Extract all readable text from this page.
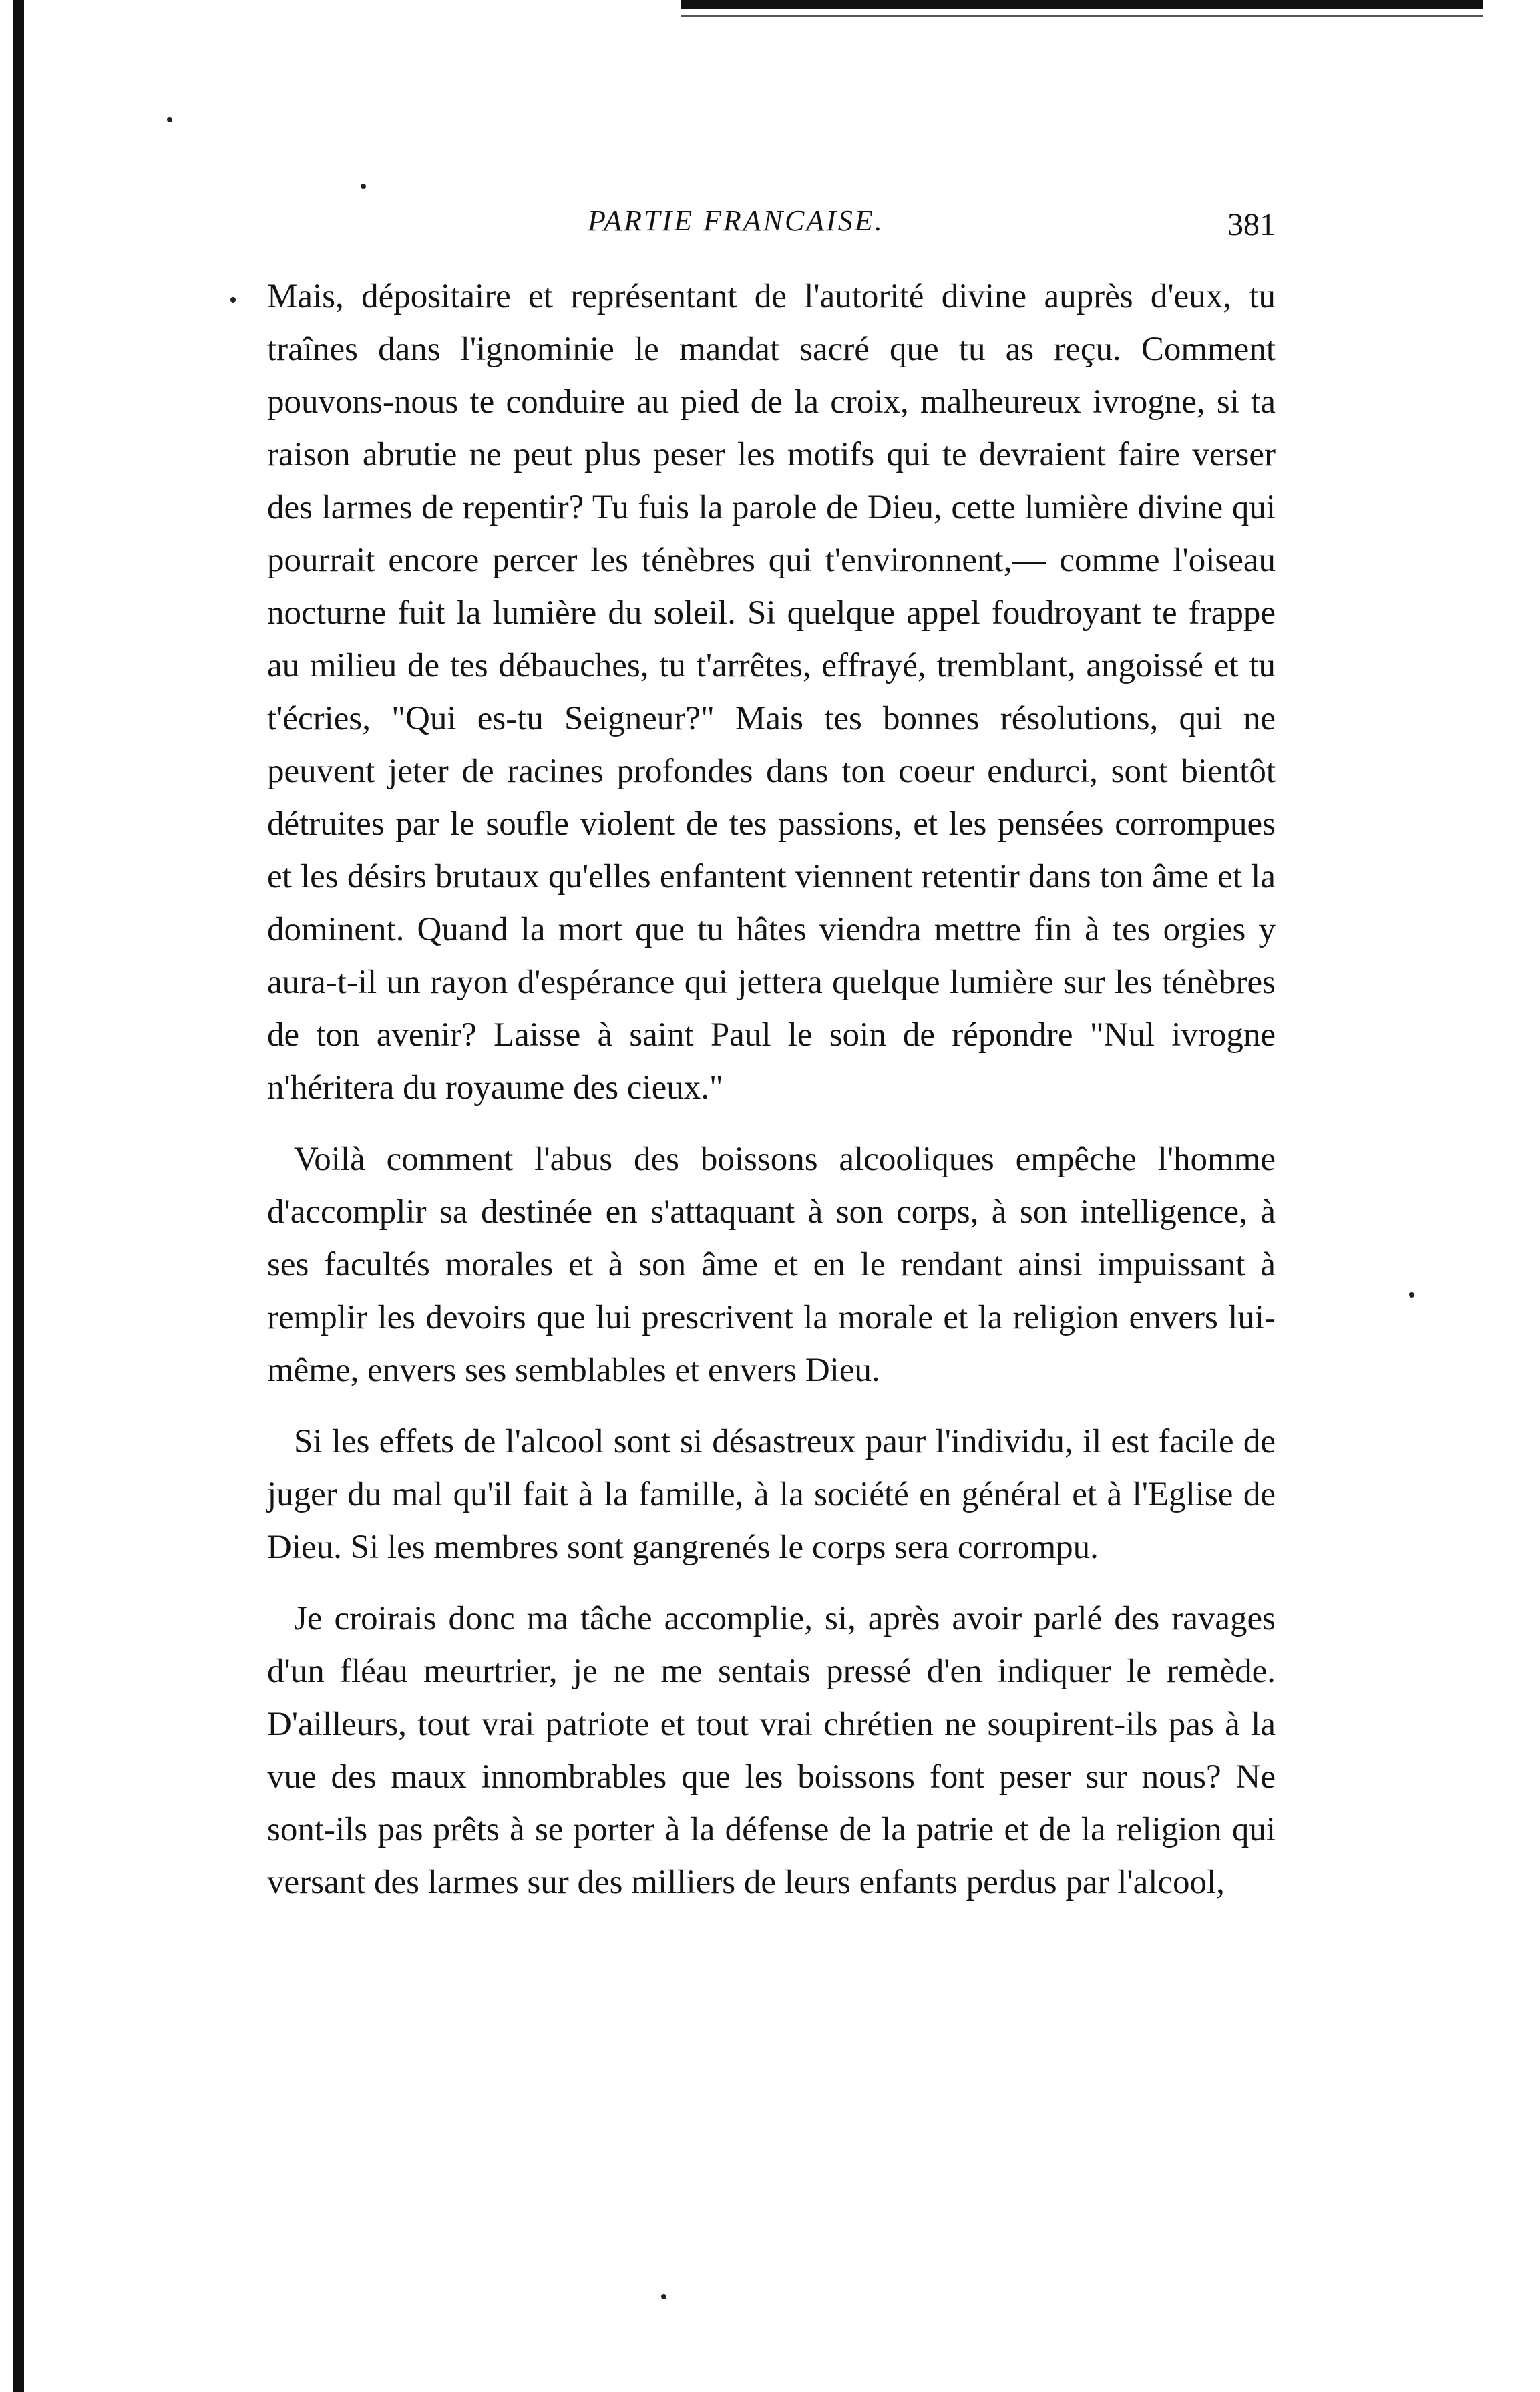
PARTIE FRANCAISE.	381

Mais, dépositaire et représentant de l'autorité divine auprès d'eux, tu traînes dans l'ignominie le mandat sacré que tu as reçu. Comment pouvons-nous te conduire au pied de la croix, malheureux ivrogne, si ta raison abrutie ne peut plus peser les motifs qui te devraient faire verser des larmes de repentir? Tu fuis la parole de Dieu, cette lumière divine qui pourrait encore percer les ténèbres qui t'environnent,— comme l'oiseau nocturne fuit la lumière du soleil. Si quelque appel foudroyant te frappe au milieu de tes débauches, tu t'arrêtes, effrayé, tremblant, angoissé et tu t'écries, "Qui es-tu Seigneur?" Mais tes bonnes résolutions, qui ne peuvent jeter de racines profondes dans ton coeur endurci, sont bientôt détruites par le soufle violent de tes passions, et les pensées corrompues et les désirs brutaux qu'elles enfantent viennent retentir dans ton âme et la dominent. Quand la mort que tu hâtes viendra mettre fin à tes orgies y aura-t-il un rayon d'espérance qui jettera quelque lumière sur les ténèbres de ton avenir? Laisse à saint Paul le soin de répondre "Nul ivrogne n'héritera du royaume des cieux."

Voilà comment l'abus des boissons alcooliques empêche l'homme d'accomplir sa destinée en s'attaquant à son corps, à son intelligence, à ses facultés morales et à son âme et en le rendant ainsi impuissant à remplir les devoirs que lui prescrivent la morale et la religion envers lui-même, envers ses semblables et envers Dieu.

Si les effets de l'alcool sont si désastreux paur l'individu, il est facile de juger du mal qu'il fait à la famille, à la société en général et à l'Eglise de Dieu. Si les membres sont gangrenés le corps sera corrompu.

Je croirais donc ma tâche accomplie, si, après avoir parlé des ravages d'un fléau meurtrier, je ne me sentais pressé d'en indiquer le remède. D'ailleurs, tout vrai patriote et tout vrai chrétien ne soupirent-ils pas à la vue des maux innombrables que les boissons font peser sur nous? Ne sont-ils pas prêts à se porter à la défense de la patrie et de la religion qui versant des larmes sur des milliers de leurs enfants perdus par l'alcool,
